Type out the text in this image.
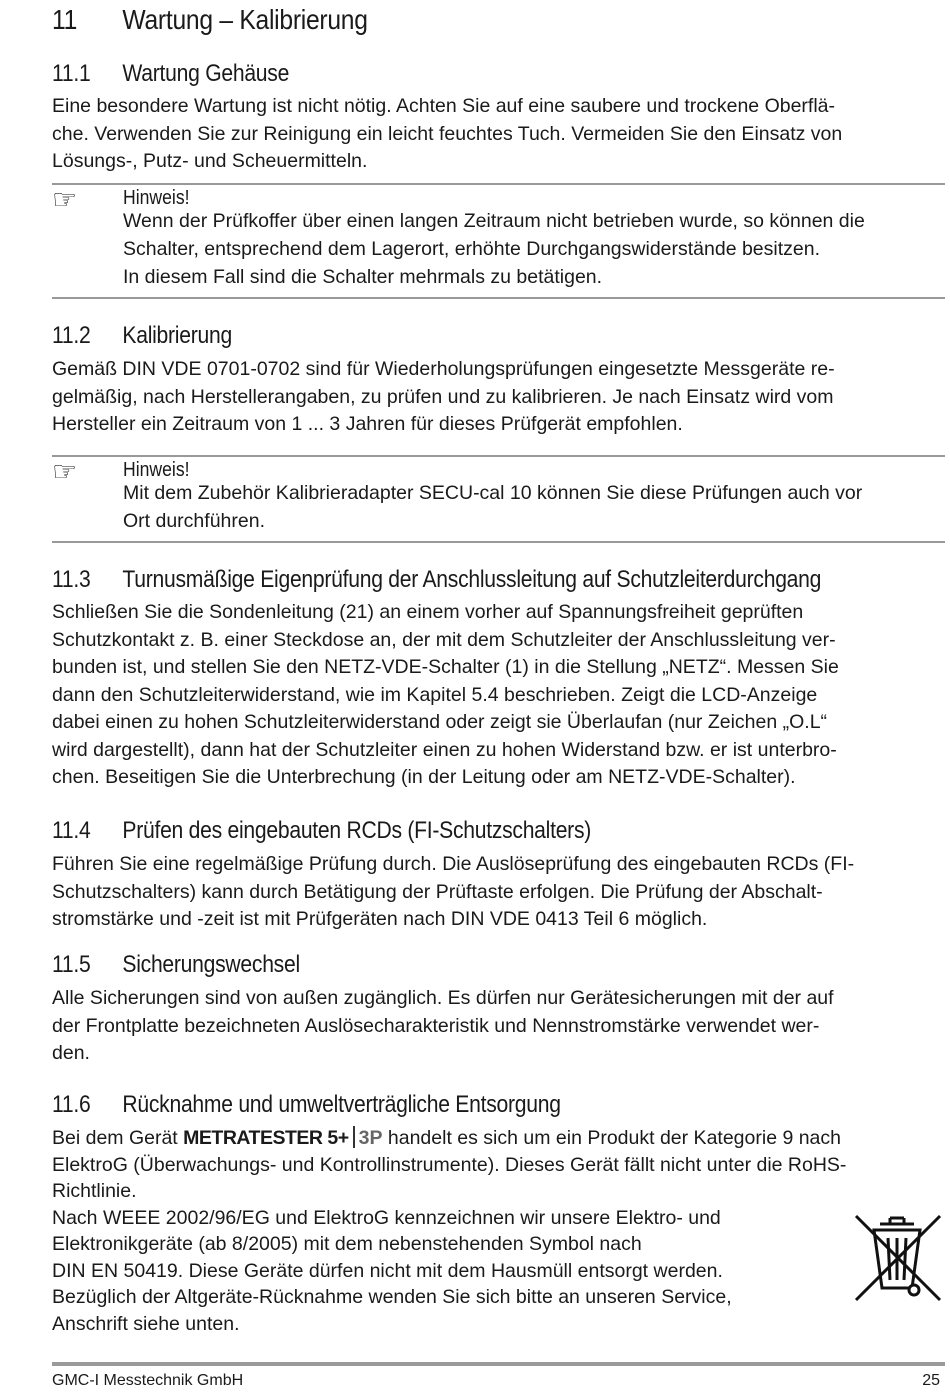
11 Wartung – Kalibrierung
11.1 Wartung Gehäuse
Eine besondere Wartung ist nicht nötig. Achten Sie auf eine saubere und trockene Oberflä-
che. Verwenden Sie zur Reinigung ein leicht feuchtes Tuch. Vermeiden Sie den Einsatz von
Lösungs-, Putz- und Scheuermitteln.
☞ Hinweis!
Wenn der Prüfkoffer über einen langen Zeitraum nicht betrieben wurde, so können die
Schalter, entsprechend dem Lagerort, erhöhte Durchgangswiderstände besitzen.
In diesem Fall sind die Schalter mehrmals zu betätigen.
11.2 Kalibrierung
Gemäß DIN VDE 0701-0702 sind für Wiederholungsprüfungen eingesetzte Messgeräte re-
gelmäßig, nach Herstellerangaben, zu prüfen und zu kalibrieren. Je nach Einsatz wird vom
Hersteller ein Zeitraum von 1 ... 3 Jahren für dieses Prüfgerät empfohlen.
☞ Hinweis!
Mit dem Zubehör Kalibrieradapter SECU-cal 10 können Sie diese Prüfungen auch vor
Ort durchführen.
11.3 Turnusmäßige Eigenprüfung der Anschlussleitung auf Schutzleiterdurchgang
Schließen Sie die Sondenleitung (21) an einem vorher auf Spannungsfreiheit geprüften
Schutzkontakt z. B. einer Steckdose an, der mit dem Schutzleiter der Anschlussleitung ver-
bunden ist, und stellen Sie den NETZ-VDE-Schalter (1) in die Stellung „NETZ“. Messen Sie
dann den Schutzleiterwiderstand, wie im Kapitel 5.4 beschrieben. Zeigt die LCD-Anzeige
dabei einen zu hohen Schutzleiterwiderstand oder zeigt sie Überlaufan (nur Zeichen „O.L“
wird dargestellt), dann hat der Schutzleiter einen zu hohen Widerstand bzw. er ist unterbro-
chen. Beseitigen Sie die Unterbrechung (in der Leitung oder am NETZ-VDE-Schalter).
11.4 Prüfen des eingebauten RCDs (FI-Schutzschalters)
Führen Sie eine regelmäßige Prüfung durch. Die Auslöseprüfung des eingebauten RCDs (FI-
Schutzschalters) kann durch Betätigung der Prüftaste erfolgen. Die Prüfung der Abschalt-
stromstärke und -zeit ist mit Prüfgeräten nach DIN VDE 0413 Teil 6 möglich.
11.5 Sicherungswechsel
Alle Sicherungen sind von außen zugänglich. Es dürfen nur Gerätesicherungen mit der auf
der Frontplatte bezeichneten Auslösecharakteristik und Nennstromstärke verwendet wer-
den.
11.6 Rücknahme und umweltverträgliche Entsorgung
Bei dem Gerät METRATESTER 5+ 3P handelt es sich um ein Produkt der Kategorie 9 nach
ElektroG (Überwachungs- und Kontrollinstrumente). Dieses Gerät fällt nicht unter die RoHS-
Richtlinie.
Nach WEEE 2002/96/EG und ElektroG kennzeichnen wir unsere Elektro- und
Elektronikgeräte (ab 8/2005) mit dem nebenstehenden Symbol nach
DIN EN 50419. Diese Geräte dürfen nicht mit dem Hausmüll entsorgt werden.
Bezüglich der Altgeräte-Rücknahme wenden Sie sich bitte an unseren Service,
Anschrift siehe unten.
GMC-I Messtechnik GmbH	25
